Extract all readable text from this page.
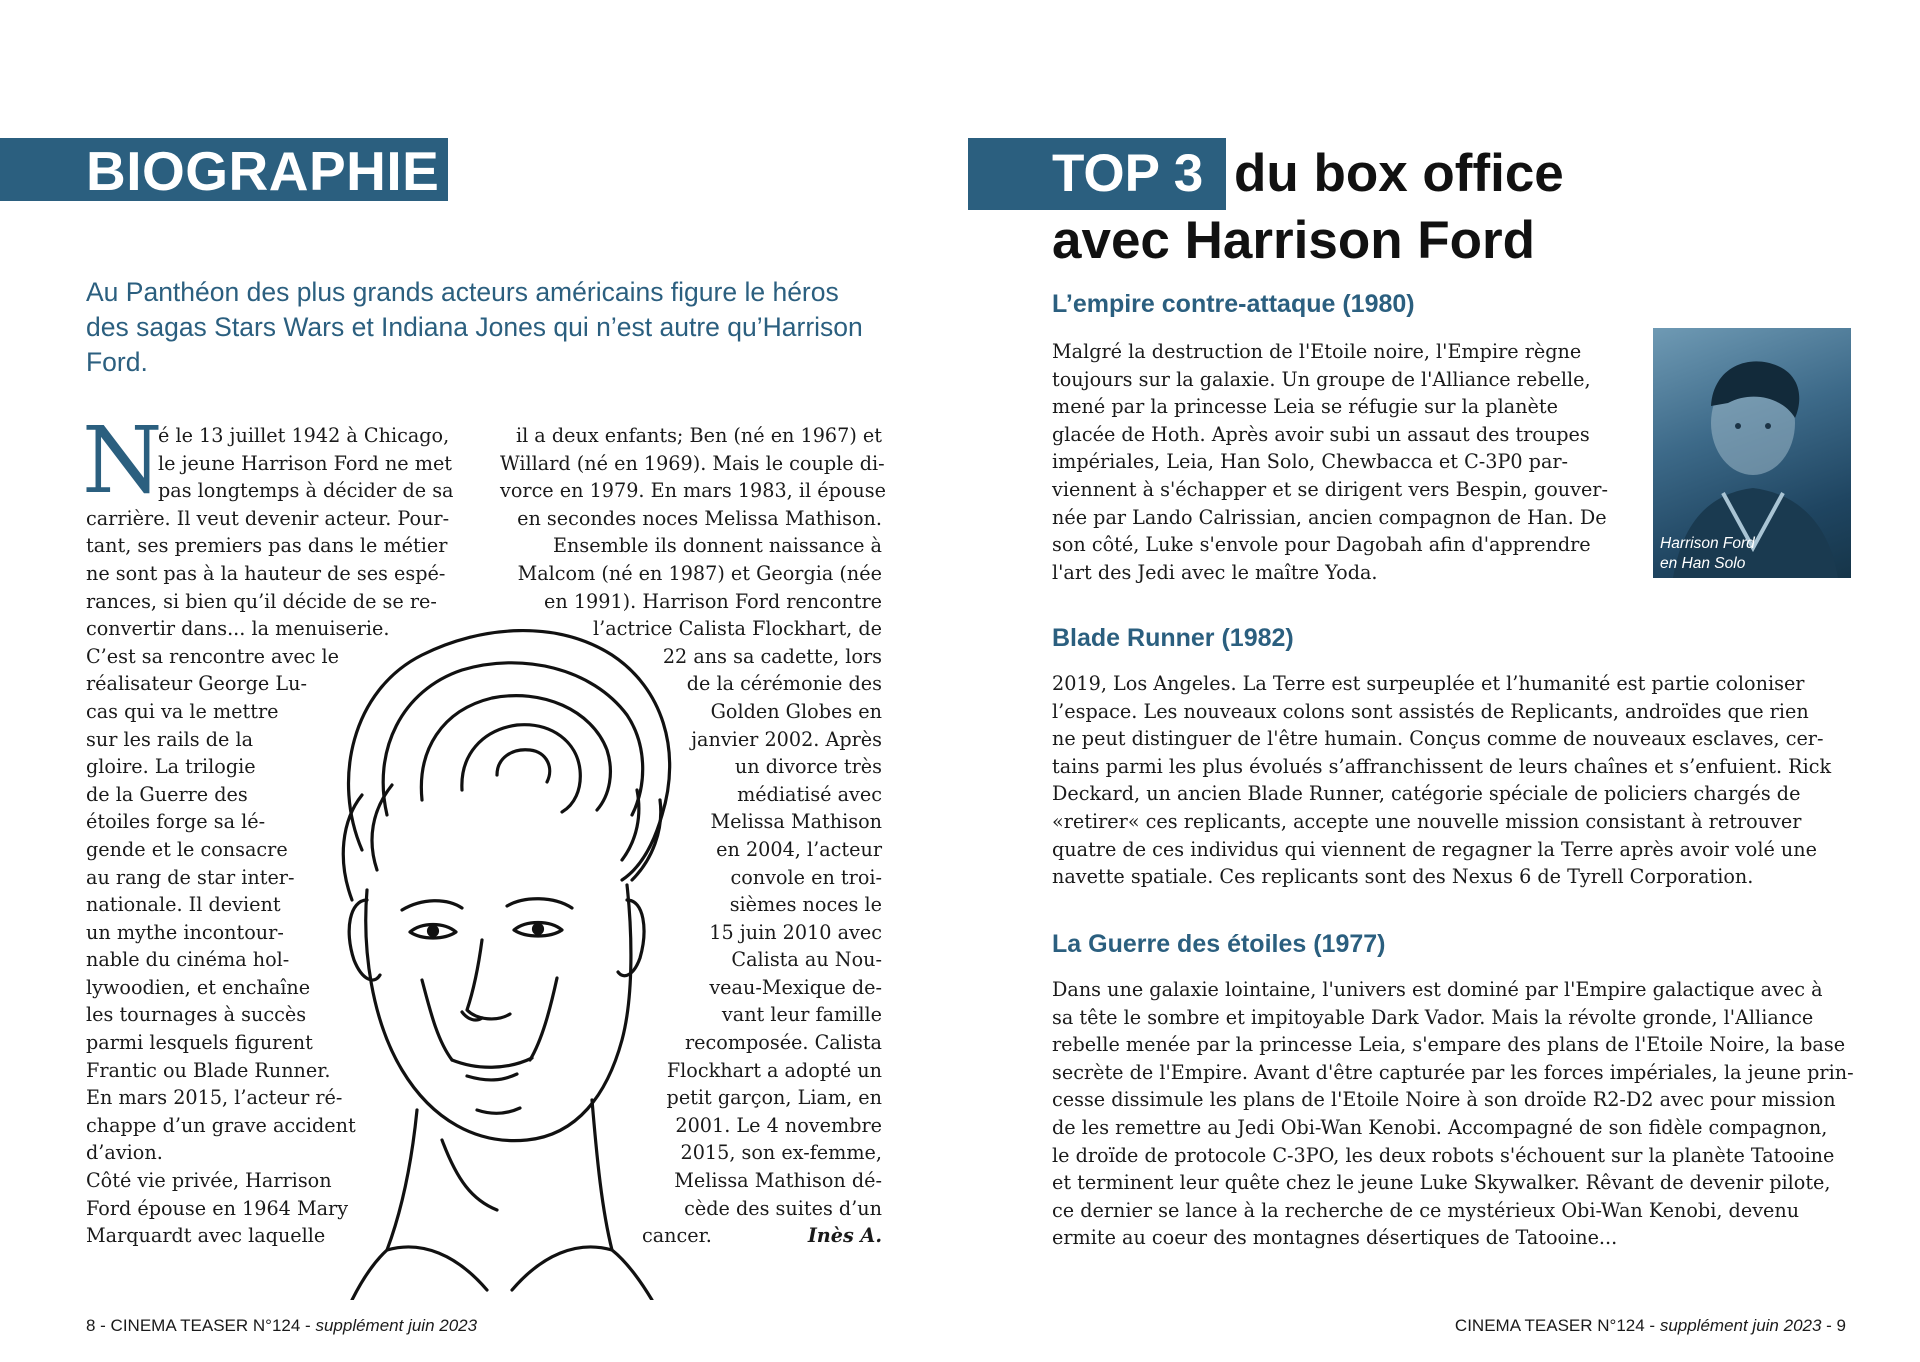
BIOGRAPHIE

Au Panthéon des plus grands acteurs américains figure le héros des sagas Stars Wars et Indiana Jones qui n’est autre qu’Harrison Ford.

N
é le 13 juillet 1942 à Chicago,
le jeune Harrison Ford ne met
pas longtemps à décider de sa
carrière. Il veut devenir acteur. Pour-
tant, ses premiers pas dans le métier
ne sont pas à la hauteur de ses espé-
rances, si bien qu’il décide de se re-
convertir dans... la menuiserie.
C’est sa rencontre avec le
réalisateur George Lu-
cas qui va le mettre
sur les rails de la
gloire. La trilogie
de la Guerre des
étoiles forge sa lé-
gende et le consacre
au rang de star inter-
nationale. Il devient
un mythe incontour-
nable du cinéma hol-
lywoodien, et enchaîne
les tournages à succès
parmi lesquels figurent
Frantic ou Blade Runner.
En mars 2015, l’acteur ré-
chappe d’un grave accident
d’avion.
Côté vie privée, Harrison
Ford épouse en 1964 Mary
Marquardt avec laquelle
il a deux enfants; Ben (né en 1967) et
Willard (né en 1969). Mais le couple di-
vorce en 1979. En mars 1983, il épouse
en secondes noces Melissa Mathison.
Ensemble ils donnent naissance à
Malcom (né en 1987) et Georgia (née
en 1991). Harrison Ford rencontre
l’actrice Calista Flockhart, de
22 ans sa cadette, lors
de la cérémonie des
Golden Globes en
janvier 2002. Après
un divorce très
médiatisé avec
Melissa Mathison
en 2004, l’acteur
convole en troi-
sièmes noces le
15 juin 2010 avec
Calista au Nou-
veau-Mexique de-
vant leur famille
recomposée. Calista
Flockhart a adopté un
petit garçon, Liam, en
2001. Le 4 novembre
2015, son ex-femme,
Melissa Mathison dé-
cède des suites d’un
cancer.	Inès A.
8 - CINEMA TEASER N°124 - supplément juin 2023
TOP 3 du box office
avec Harrison Ford
L’empire contre-attaque (1980)
Malgré la destruction de l'Etoile noire, l'Empire règne
toujours sur la galaxie. Un groupe de l'Alliance rebelle,
mené par la princesse Leia se réfugie sur la planète
glacée de Hoth. Après avoir subi un assaut des troupes
impériales, Leia, Han Solo, Chewbacca et C-3P0 par-
viennent à s'échapper et se dirigent vers Bespin, gouver-
née par Lando Calrissian, ancien compagnon de Han. De
son côté, Luke s'envole pour Dagobah afin d'apprendre
l'art des Jedi avec le maître Yoda.

Harrison Ford
en Han Solo

Blade Runner (1982)
2019, Los Angeles. La Terre est surpeuplée et l’humanité est partie coloniser
l’espace. Les nouveaux colons sont assistés de Replicants, androïdes que rien
ne peut distinguer de l'être humain. Conçus comme de nouveaux esclaves, cer-
tains parmi les plus évolués s’affranchissent de leurs chaînes et s’enfuient. Rick
Deckard, un ancien Blade Runner, catégorie spéciale de policiers chargés de
«retirer« ces replicants, accepte une nouvelle mission consistant à retrouver
quatre de ces individus qui viennent de regagner la Terre après avoir volé une
navette spatiale. Ces replicants sont des Nexus 6 de Tyrell Corporation.
La Guerre des étoiles (1977)
Dans une galaxie lointaine, l'univers est dominé par l'Empire galactique avec à
sa tête le sombre et impitoyable Dark Vador. Mais la révolte gronde, l'Alliance
rebelle menée par la princesse Leia, s'empare des plans de l'Etoile Noire, la base
secrète de l'Empire. Avant d'être capturée par les forces impériales, la jeune prin-
cesse dissimule les plans de l'Etoile Noire à son droïde R2-D2 avec pour mission
de les remettre au Jedi Obi-Wan Kenobi. Accompagné de son fidèle compagnon,
le droïde de protocole C-3PO, les deux robots s'échouent sur la planète Tatooine
et terminent leur quête chez le jeune Luke Skywalker. Rêvant de devenir pilote,
ce dernier se lance à la recherche de ce mystérieux Obi-Wan Kenobi, devenu
ermite au coeur des montagnes désertiques de Tatooine...
CINEMA TEASER N°124 - supplément juin 2023 - 9
